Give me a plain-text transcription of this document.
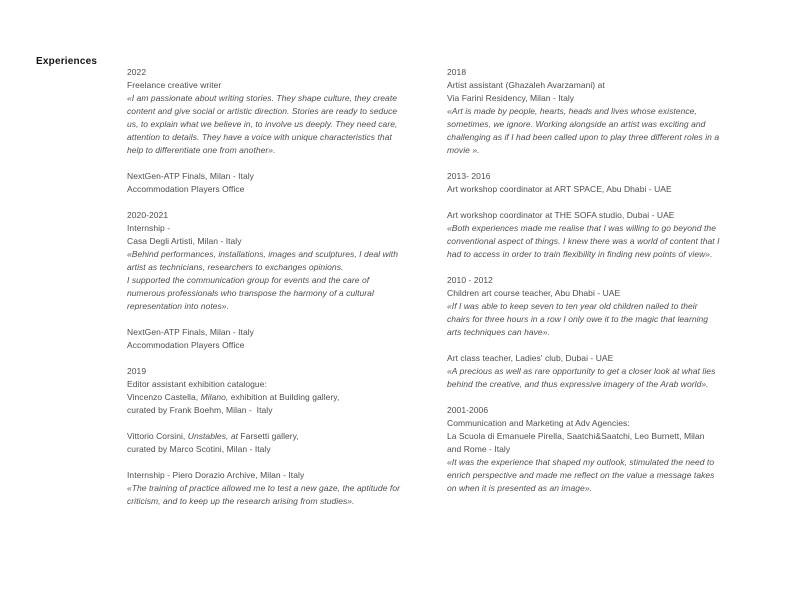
Experiences
2022
Freelance creative writer
«I am passionate about writing stories. They shape culture, they create
content and give social or artistic direction. Stories are ready to seduce
us, to explain what we believe in, to involve us deeply. They need care,
attention to details. They have a voice with unique characteristics that
help to differentiate one from another».
NextGen-ATP Finals, Milan - Italy
Accommodation Players Office
2020-2021
Internship -
Casa Degli Artisti, Milan - Italy
«Behind performances, installations, images and sculptures, I deal with
artist as technicians, researchers to exchanges opinions.
I supported the communication group for events and the care of
numerous professionals who transpose the harmony of a cultural
representation into notes».
NextGen-ATP Finals, Milan - Italy
Accommodation Players Office
2019
Editor assistant exhibition catalogue:
Vincenzo Castella, Milano, exhibition at Building gallery,
curated by Frank Boehm, Milan -  Italy
Vittorio Corsini, Unstables, at Farsetti gallery,
curated by Marco Scotini, Milan - Italy
Internship - Piero Dorazio Archive, Milan - Italy
«The training of practice allowed me to test a new gaze, the aptitude for
criticism, and to keep up the research arising from studies».
2018
Artist assistant (Ghazaleh Avarzamani) at
Via Farini Residency, Milan - Italy
«Art is made by people, hearts, heads and lives whose existence,
sometimes, we ignore. Working alongside an artist was exciting and
challenging as if I had been called upon to play three different roles in a
movie ».
2013- 2016
Art workshop coordinator at ART SPACE, Abu Dhabi - UAE
Art workshop coordinator at THE SOFA studio, Dubai - UAE
«Both experiences made me realise that I was willing to go beyond the
conventional aspect of things. I knew there was a world of content that I
had to access in order to train flexibility in finding new points of view».
2010 - 2012
Children art course teacher, Abu Dhabi - UAE
«If I was able to keep seven to ten year old children nailed to their
chairs for three hours in a row I only owe it to the magic that learning
arts techniques can have».
Art class teacher, Ladies' club, Dubai - UAE
«A precious as well as rare opportunity to get a closer look at what lies
behind the creative, and thus expressive imagery of the Arab world».
2001-2006
Communication and Marketing at Adv Agencies:
La Scuola di Emanuele Pirella, Saatchi&Saatchi, Leo Burnett, Milan
and Rome - Italy
«It was the experience that shaped my outlook, stimulated the need to
enrich perspective and made me reflect on the value a message takes
on when it is presented as an image».
